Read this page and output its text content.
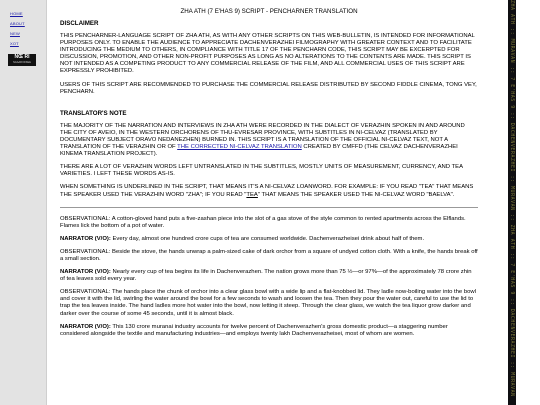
HOME
ABOUT
NEW
XOT
NŒ RI
NGAARI RIKEE
ZHA ATH (7 E'HAS 9) SCRIPT - PENCHARNER TRANSLATION
DISCLAIMER

THIS PENCHARNER-LANGUAGE SCRIPT OF ZHA ATH, AS WITH ANY OTHER SCRIPTS ON THIS WEB-BULLETIN, IS INTENDED FOR INFORMATIONAL PURPOSES ONLY. TO ENABLE THE AUDIENCE TO APPRECIATE DACHENVERAZHEI FILMOGRAPHY WITH GREATER CONTEXT AND TO FACILITATE INTRODUCING THE MEDIUM TO OTHERS, IN COMPLIANCE WITH TITLE 17 OF THE PENCHARN CODE, THIS SCRIPT MAY BE EXCERPTED FOR DISCUSSION, PROMOTION, AND OTHER NON-PROFIT PURPOSES AS LONG AS NO ALTERATIONS TO THE CONTENTS ARE MADE. THIS SCRIPT IS NOT INTENDED AS A COMPETING PRODUCT TO ANY COMMERCIAL RELEASE OF THE FILM, AND ALL COMMERCIAL USES OF THIS SCRIPT ARE EXPRESSLY PROHIBITED.

USERS OF THIS SCRIPT ARE RECOMMENDED TO PURCHASE THE COMMERCIAL RELEASE DISTRIBUTED BY SECOND FIDDLE CINEMA, TONG VEY, PENCHARN.

TRANSLATOR'S NOTE

THE MAJORITY OF THE NARRATION AND INTERVIEWS IN ZHA ATH WERE RECORDED IN THE DIALECT OF VERAZHIN SPOKEN IN AND AROUND THE CITY OF AVEIO, IN THE WESTERN ORCHORENS OF THU-EVRESAR PROVINCE, WITH SUBTITLES IN NI-CELVAZ (TRANSLATED BY DOCUMENTARY SUBJECT ORAVO NEDANEZHEN) BURNED IN. THIS SCRIPT IS A TRANSLATION OF THE OFFICIAL NI-CELVAZ TEXT, NOT A TRANSLATION OF THE VERAZHIN OR OF THE CORRECTED NI-CELVAZ TRANSLATION CREATED BY CMFFD (THE CELVAZ DACHENVERAZHEI KINEMA TRANSLATION PROJECT).

THERE ARE A LOT OF VERAZHIN WORDS LEFT UNTRANSLATED IN THE SUBTITLES, MOSTLY UNITS OF MEASUREMENT, CURRENCY, AND TEA VARIETIES. I LEFT THESE WORDS AS-IS.

WHEN SOMETHING IS UNDERLINED IN THE SCRIPT, THAT MEANS IT'S A NI-CELVAZ LOANWORD. FOR EXAMPLE: IF YOU READ "TEA" THAT MEANS THE SPEAKER USED THE VERAZHIN WORD "ZHA"; IF YOU READ "TEA" THAT MEANS THE SPEAKER USED THE NI-CELVAZ WORD "BAELVA".

OBSERVATIONAL: A cotton-gloved hand puts a five-zashan piece into the slot of a gas stove of the style common to rented apartments across the Elflands. Flames lick the bottom of a pot of water.

NARRATOR (V/O): Every day, almost one hundred crore cups of tea are consumed worldwide. Dachenverazheisei drink about half of them.

OBSERVATIONAL: Beside the stove, the hands unwrap a palm-sized cake of dark orchor from a square of undyed cotton cloth. With a knife, the hands break off a small section.

NARRATOR (V/O): Nearly every cup of tea begins its life in Dachenverazhen. The nation grows more than 75 ½—or 97%—of the approximately 78 crore zhin of tea leaves sold every year.

OBSERVATIONAL: The hands place the chunk of orchor into a clear glass bowl with a wide lip and a flat-knobbed lid. They ladle now-boiling water into the bowl and cover it with the lid, swirling the water around the bowl for a few seconds to wash and loosen the tea. Then they pour the water out, careful to use the lid to trap the tea leaves inside. The hand ladles more hot water into the bowl, now letting it steep. Through the clear glass, we watch the tea liquor grow darker and darker over the course of some 45 seconds, until it is almost black.

NARRATOR (V/O): This 130 crore muranai industry accounts for twelve percent of Dachenverazhen's gross domestic product—a staggering number considered alongside the textile and manufacturing industries—and employs twenty lakh Dachenverazheisei, most of whom are women.	ZHA ATH :: MURAVAN :: 7 E'HAS 9 :: DACHENVERAZHEI :: MURAVAN :: ZHA ATH :: 7 E'HAS 9 :: DACHENVERAZHEI :: MURAVAN
